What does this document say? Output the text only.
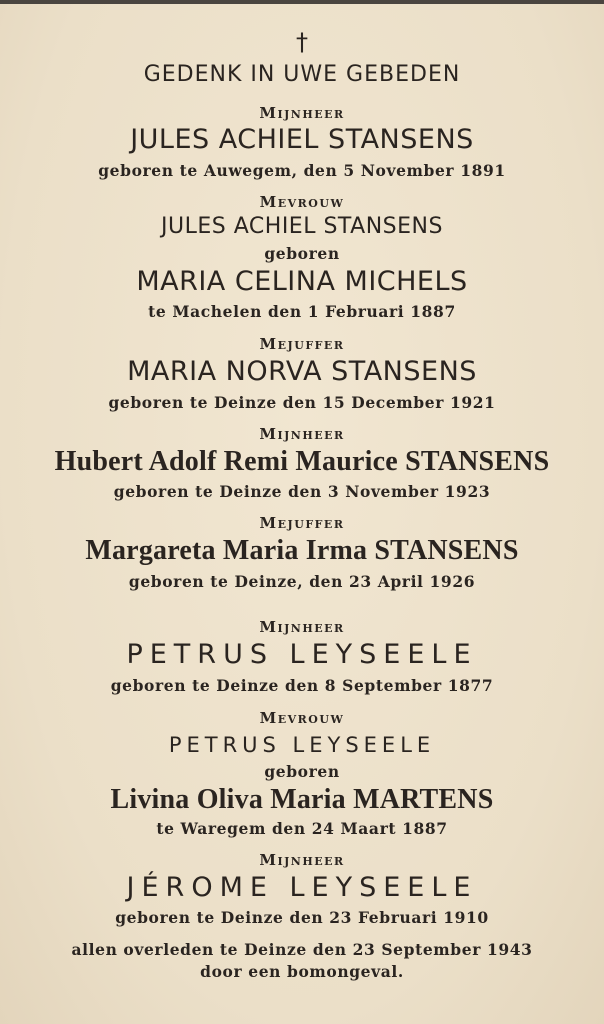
†
GEDENK IN UWE GEBEDEN
Mijnheer
JULES ACHIEL STANSENS
geboren te Auwegem, den 5 November 1891
Mevrouw
JULES ACHIEL STANSENS
geboren
MARIA CELINA MICHELS
te Machelen den 1 Februari 1887
Mejuffer
MARIA NORVA STANSENS
geboren te Deinze den 15 December 1921
Mijnheer
Hubert Adolf Remi Maurice STANSENS
geboren te Deinze den 3 November 1923
Mejuffer
Margareta Maria Irma STANSENS
geboren te Deinze, den 23 April 1926
Mijnheer
PETRUS LEYSEELE
geboren te Deinze den 8 September 1877
Mevrouw
PETRUS LEYSEELE
geboren
Livina Oliva Maria MARTENS
te Waregem den 24 Maart 1887
Mijnheer
JÉROME LEYSEELE
geboren te Deinze den 23 Februari 1910
allen overleden te Deinze den 23 September 1943
door een bomongeval.
